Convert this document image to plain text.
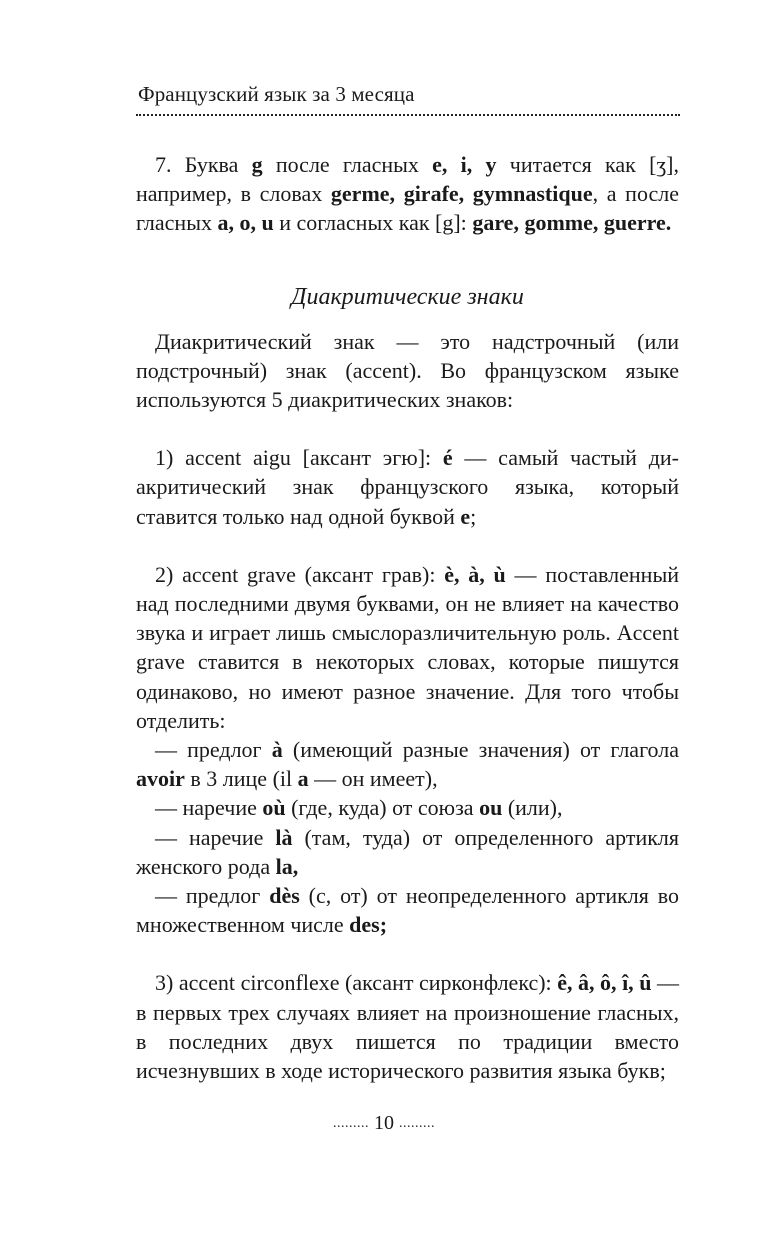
Французский язык за 3 месяца

7. Буква g после гласных e, i, y читается как [ʒ], например, в словах germe, girafe, gymnastique, а после гласных a, o, u и согласных как [g]: gare, gomme, guerre.

Диакритические знаки

Диакритический знак — это надстрочный (или подстрочный) знак (accent). Во французском языке используются 5 диакритических знаков:

1) accent aigu [аксант эгю]: é — самый частый диакритический знак французского языка, который ставится только над одной буквой e;

2) accent grave (аксант грав): è, à, ù — поставленный над последними двумя буквами, он не влияет на качество звука и играет лишь смыслоразличительную роль. Accent grave ставится в некоторых словах, которые пишутся одинаково, но имеют разное значение. Для того чтобы отделить:

— предлог à (имеющий разные значения) от глагола avoir в 3 лице (il a — он имеет),

— наречие où (где, куда) от союза ou (или),

— наречие là (там, туда) от определенного артикля женского рода la,

— предлог dès (с, от) от неопределенного артикля во множественном числе des;

3) accent circonflexe (аксант сирконфлекс): ê, â, ô, î, û — в первых трех случаях влияет на произношение гласных, в последних двух пишется по традиции вместо исчезнувших в ходе исторического развития языка букв;

......... 10 .........
